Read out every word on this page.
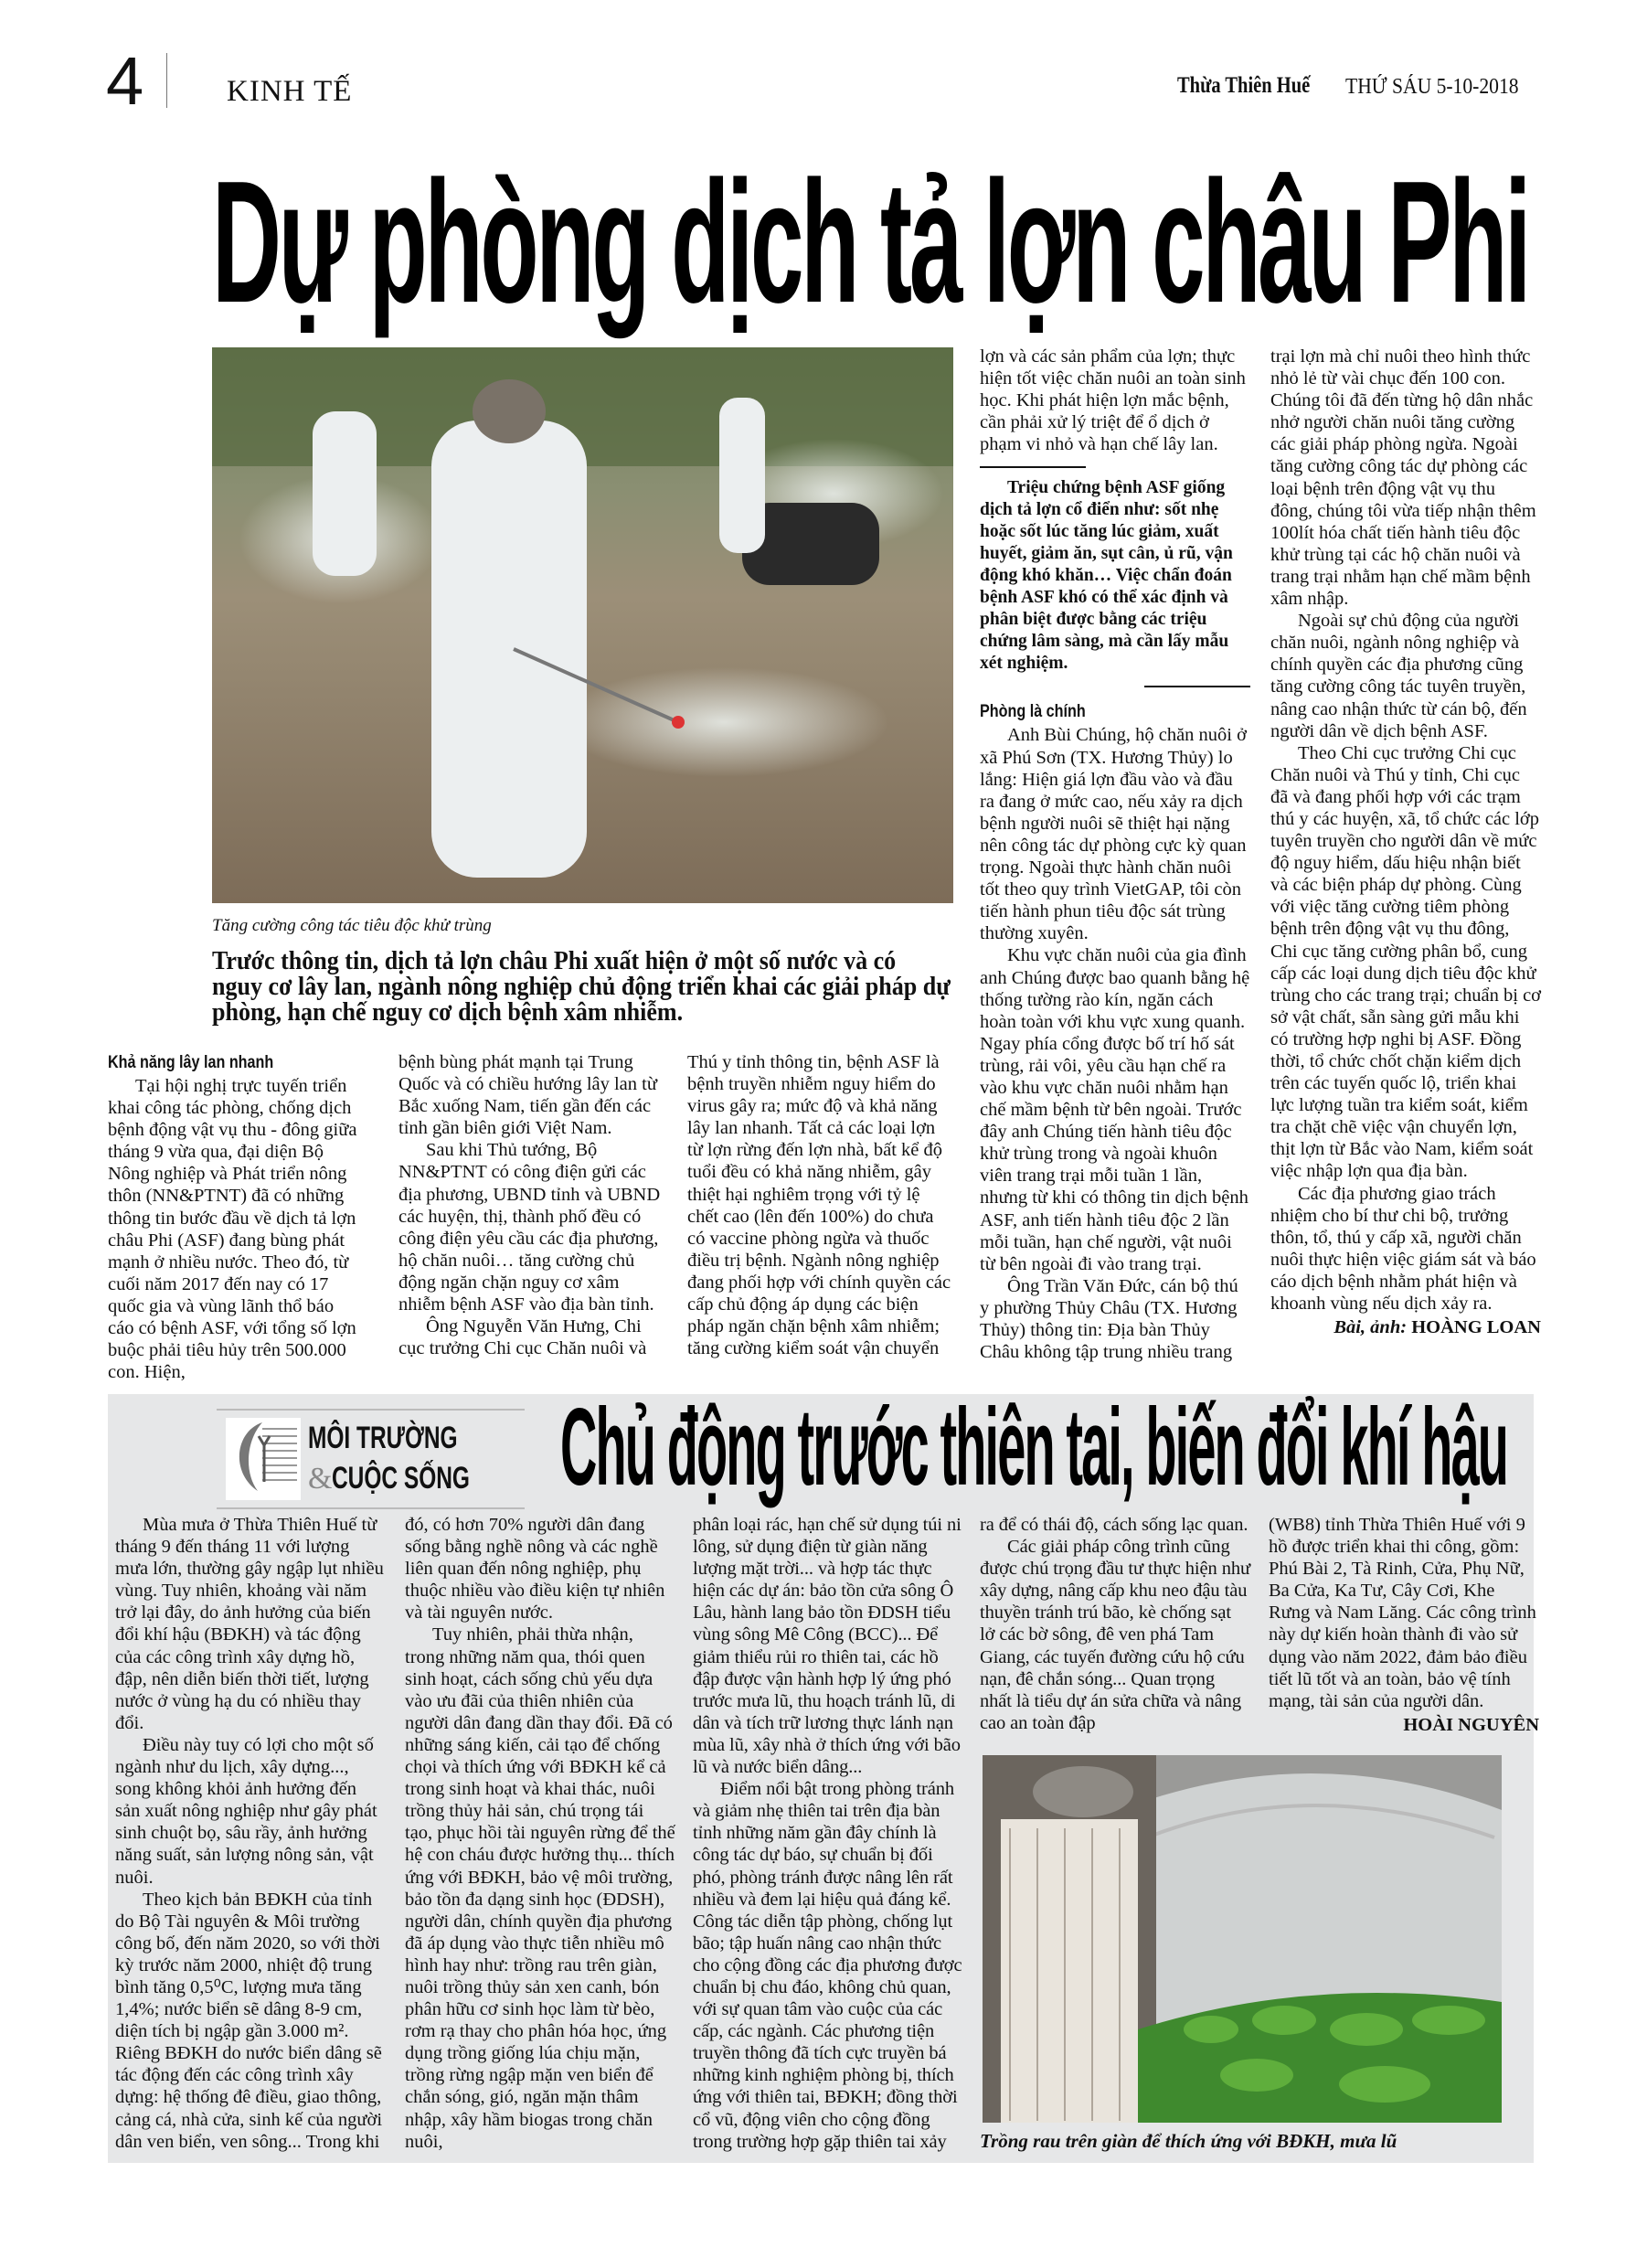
4	KINH TẾ	Thừa Thiên Huế THỨ SÁU 5-10-2018
Dự phòng dịch tả lợn châu Phi
Tăng cường công tác tiêu độc khử trùng
Trước thông tin, dịch tả lợn châu Phi xuất hiện ở một số nước và có nguy cơ lây lan, ngành nông nghiệp chủ động triển khai các giải pháp dự phòng, hạn chế nguy cơ dịch bệnh xâm nhiễm.
Khả năng lây lan nhanh

Tại hội nghị trực tuyến triển khai công tác phòng, chống dịch bệnh động vật vụ thu - đông giữa tháng 9 vừa qua, đại diện Bộ Nông nghiệp và Phát triển nông thôn (NN&PTNT) đã có những thông tin bước đầu về dịch tả lợn châu Phi (ASF) đang bùng phát mạnh ở nhiều nước. Theo đó, từ cuối năm 2017 đến nay có 17 quốc gia và vùng lãnh thổ báo cáo có bệnh ASF, với tổng số lợn buộc phải tiêu hủy trên 500.000 con. Hiện,

bệnh bùng phát mạnh tại Trung Quốc và có chiều hướng lây lan từ Bắc xuống Nam, tiến gần đến các tỉnh gần biên giới Việt Nam.

Sau khi Thủ tướng, Bộ NN&PTNT có công điện gửi các địa phương, UBND tỉnh và UBND các huyện, thị, thành phố đều có công điện yêu cầu các địa phương, hộ chăn nuôi… tăng cường chủ động ngăn chặn nguy cơ xâm nhiễm bệnh ASF vào địa bàn tỉnh.

Ông Nguyễn Văn Hưng, Chi cục trưởng Chi cục Chăn nuôi và

Thú y tỉnh thông tin, bệnh ASF là bệnh truyền nhiễm nguy hiểm do virus gây ra; mức độ và khả năng lây lan nhanh. Tất cả các loại lợn từ lợn rừng đến lợn nhà, bất kể độ tuổi đều có khả năng nhiễm, gây thiệt hại nghiêm trọng với tỷ lệ chết cao (lên đến 100%) do chưa có vaccine phòng ngừa và thuốc điều trị bệnh. Ngành nông nghiệp đang phối hợp với chính quyền các cấp chủ động áp dụng các biện pháp ngăn chặn bệnh xâm nhiễm; tăng cường kiểm soát vận chuyển

lợn và các sản phẩm của lợn; thực hiện tốt việc chăn nuôi an toàn sinh học. Khi phát hiện lợn mắc bệnh, cần phải xử lý triệt để ổ dịch ở phạm vi nhỏ và hạn chế lây lan.

Triệu chứng bệnh ASF giống dịch tả lợn cổ điển như: sốt nhẹ hoặc sốt lúc tăng lúc giảm, xuất huyết, giảm ăn, sụt cân, ủ rũ, vận động khó khăn… Việc chẩn đoán bệnh ASF khó có thể xác định và phân biệt được bằng các triệu chứng lâm sàng, mà cần lấy mẫu xét nghiệm.

Phòng là chính

Anh Bùi Chúng, hộ chăn nuôi ở xã Phú Sơn (TX. Hương Thủy) lo lắng: Hiện giá lợn đầu vào và đầu ra đang ở mức cao, nếu xảy ra dịch bệnh người nuôi sẽ thiệt hại nặng nên công tác dự phòng cực kỳ quan trọng. Ngoài thực hành chăn nuôi tốt theo quy trình VietGAP, tôi còn tiến hành phun tiêu độc sát trùng thường xuyên.

Khu vực chăn nuôi của gia đình anh Chúng được bao quanh bằng hệ thống tường rào kín, ngăn cách hoàn toàn với khu vực xung quanh. Ngay phía cổng được bố trí hố sát trùng, rải vôi, yêu cầu hạn chế ra vào khu vực chăn nuôi nhằm hạn chế mầm bệnh từ bên ngoài. Trước đây anh Chúng tiến hành tiêu độc khử trùng trong và ngoài khuôn viên trang trại mỗi tuần 1 lần, nhưng từ khi có thông tin dịch bệnh ASF, anh tiến hành tiêu độc 2 lần mỗi tuần, hạn chế người, vật nuôi từ bên ngoài đi vào trang trại.

Ông Trần Văn Đức, cán bộ thú y phường Thủy Châu (TX. Hương Thủy) thông tin: Địa bàn Thủy Châu không tập trung nhiều trang

trại lợn mà chỉ nuôi theo hình thức nhỏ lẻ từ vài chục đến 100 con. Chúng tôi đã đến từng hộ dân nhắc nhở người chăn nuôi tăng cường các giải pháp phòng ngừa. Ngoài tăng cường công tác dự phòng các loại bệnh trên động vật vụ thu đông, chúng tôi vừa tiếp nhận thêm 100lít hóa chất tiến hành tiêu độc khử trùng tại các hộ chăn nuôi và trang trại nhằm hạn chế mầm bệnh xâm nhập.

Ngoài sự chủ động của người chăn nuôi, ngành nông nghiệp và chính quyền các địa phương cũng tăng cường công tác tuyên truyền, nâng cao nhận thức từ cán bộ, đến người dân về dịch bệnh ASF.

Theo Chi cục trưởng Chi cục Chăn nuôi và Thú y tỉnh, Chi cục đã và đang phối hợp với các trạm thú y các huyện, xã, tổ chức các lớp tuyên truyền cho người dân về mức độ nguy hiểm, dấu hiệu nhận biết và các biện pháp dự phòng. Cùng với việc tăng cường tiêm phòng bệnh trên động vật vụ thu đông, Chi cục tăng cường phân bổ, cung cấp các loại dung dịch tiêu độc khử trùng cho các trang trại; chuẩn bị cơ sở vật chất, sẵn sàng gửi mẫu khi có trường hợp nghi bị ASF. Đồng thời, tổ chức chốt chặn kiểm dịch trên các tuyến quốc lộ, triển khai lực lượng tuần tra kiểm soát, kiểm tra chặt chẽ việc vận chuyển lợn, thịt lợn từ Bắc vào Nam, kiểm soát việc nhập lợn qua địa bàn.

Các địa phương giao trách nhiệm cho bí thư chi bộ, trưởng thôn, tổ, thú y cấp xã, người chăn nuôi thực hiện việc giám sát và báo cáo dịch bệnh nhằm phát hiện và khoanh vùng nếu dịch xảy ra.

Bài, ảnh: HOÀNG LOAN
MÔI TRƯỜNG
&CUỘC SỐNG Chủ động trước thiên tai, biến đổi khí hậu

Mùa mưa ở Thừa Thiên Huế từ tháng 9 đến tháng 11 với lượng mưa lớn, thường gây ngập lụt nhiều vùng. Tuy nhiên, khoảng vài năm trở lại đây, do ảnh hưởng của biến đổi khí hậu (BĐKH) và tác động của các công trình xây dựng hồ, đập, nên diễn biến thời tiết, lượng nước ở vùng hạ du có nhiều thay đổi.

Điều này tuy có lợi cho một số ngành như du lịch, xây dựng..., song không khỏi ảnh hưởng đến sản xuất nông nghiệp như gây phát sinh chuột bọ, sâu rầy, ảnh hưởng năng suất, sản lượng nông sản, vật nuôi.

Theo kịch bản BĐKH của tỉnh do Bộ Tài nguyên & Môi trường công bố, đến năm 2020, so với thời kỳ trước năm 2000, nhiệt độ trung bình tăng 0,5⁰C, lượng mưa tăng 1,4%; nước biển sẽ dâng 8-9 cm, diện tích bị ngập gần 3.000 m². Riêng BĐKH do nước biển dâng sẽ tác động đến các công trình xây dựng: hệ thống đê điều, giao thông, cảng cá, nhà cửa, sinh kế của người dân ven biển, ven sông... Trong khi

đó, có hơn 70% người dân đang sống bằng nghề nông và các nghề liên quan đến nông nghiệp, phụ thuộc nhiều vào điều kiện tự nhiên và tài nguyên nước.

Tuy nhiên, phải thừa nhận, trong những năm qua, thói quen sinh hoạt, cách sống chủ yếu dựa vào ưu đãi của thiên nhiên của người dân đang dần thay đổi. Đã có những sáng kiến, cải tạo để chống chọi và thích ứng với BĐKH kể cả trong sinh hoạt và khai thác, nuôi trồng thủy hải sản, chú trọng tái tạo, phục hồi tài nguyên rừng để thế hệ con cháu được hưởng thụ... thích ứng với BĐKH, bảo vệ môi trường, bảo tồn đa dạng sinh học (ĐDSH), người dân, chính quyền địa phương đã áp dụng vào thực tiễn nhiều mô hình hay như: trồng rau trên giàn, nuôi trồng thủy sản xen canh, bón phân hữu cơ sinh học làm từ bèo, rơm rạ thay cho phân hóa học, ứng dụng trồng giống lúa chịu mặn, trồng rừng ngập mặn ven biển để chắn sóng, gió, ngăn mặn thâm nhập, xây hầm biogas trong chăn nuôi,

phân loại rác, hạn chế sử dụng túi ni lông, sử dụng điện từ giàn năng lượng mặt trời... và hợp tác thực hiện các dự án: bảo tồn cửa sông Ô Lâu, hành lang bảo tồn ĐDSH tiểu vùng sông Mê Công (BCC)... Để giảm thiểu rủi ro thiên tai, các hồ đập được vận hành hợp lý ứng phó trước mưa lũ, thu hoạch tránh lũ, di dân và tích trữ lương thực lánh nạn mùa lũ, xây nhà ở thích ứng với bão lũ và nước biển dâng...

Điểm nổi bật trong phòng tránh và giảm nhẹ thiên tai trên địa bàn tỉnh những năm gần đây chính là công tác dự báo, sự chuẩn bị đối phó, phòng tránh được nâng lên rất nhiều và đem lại hiệu quả đáng kể. Công tác diễn tập phòng, chống lụt bão; tập huấn nâng cao nhận thức cho cộng đồng các địa phương được chuẩn bị chu đáo, không chủ quan, với sự quan tâm vào cuộc của các cấp, các ngành. Các phương tiện truyền thông đã tích cực truyền bá những kinh nghiệm phòng bị, thích ứng với thiên tai, BĐKH; đồng thời cổ vũ, động viên cho cộng đồng trong trường hợp gặp thiên tai xảy

ra để có thái độ, cách sống lạc quan.

Các giải pháp công trình cũng được chú trọng đầu tư thực hiện như xây dựng, nâng cấp khu neo đậu tàu thuyền tránh trú bão, kè chống sạt lở các bờ sông, đê ven phá Tam Giang, các tuyến đường cứu hộ cứu nạn, đê chắn sóng... Quan trọng nhất là tiểu dự án sửa chữa và nâng cao an toàn đập

(WB8) tỉnh Thừa Thiên Huế với 9 hồ được triển khai thi công, gồm: Phú Bài 2, Tà Rinh, Cửa, Phụ Nữ, Ba Cửa, Ka Tư, Cây Cơi, Khe Rưng và Nam Lăng. Các công trình này dự kiến hoàn thành đi vào sử dụng vào năm 2022, đảm bảo điều tiết lũ tốt và an toàn, bảo vệ tính mạng, tài sản của người dân.

HOÀI NGUYÊN
Trồng rau trên giàn để thích ứng với BĐKH, mưa lũ
